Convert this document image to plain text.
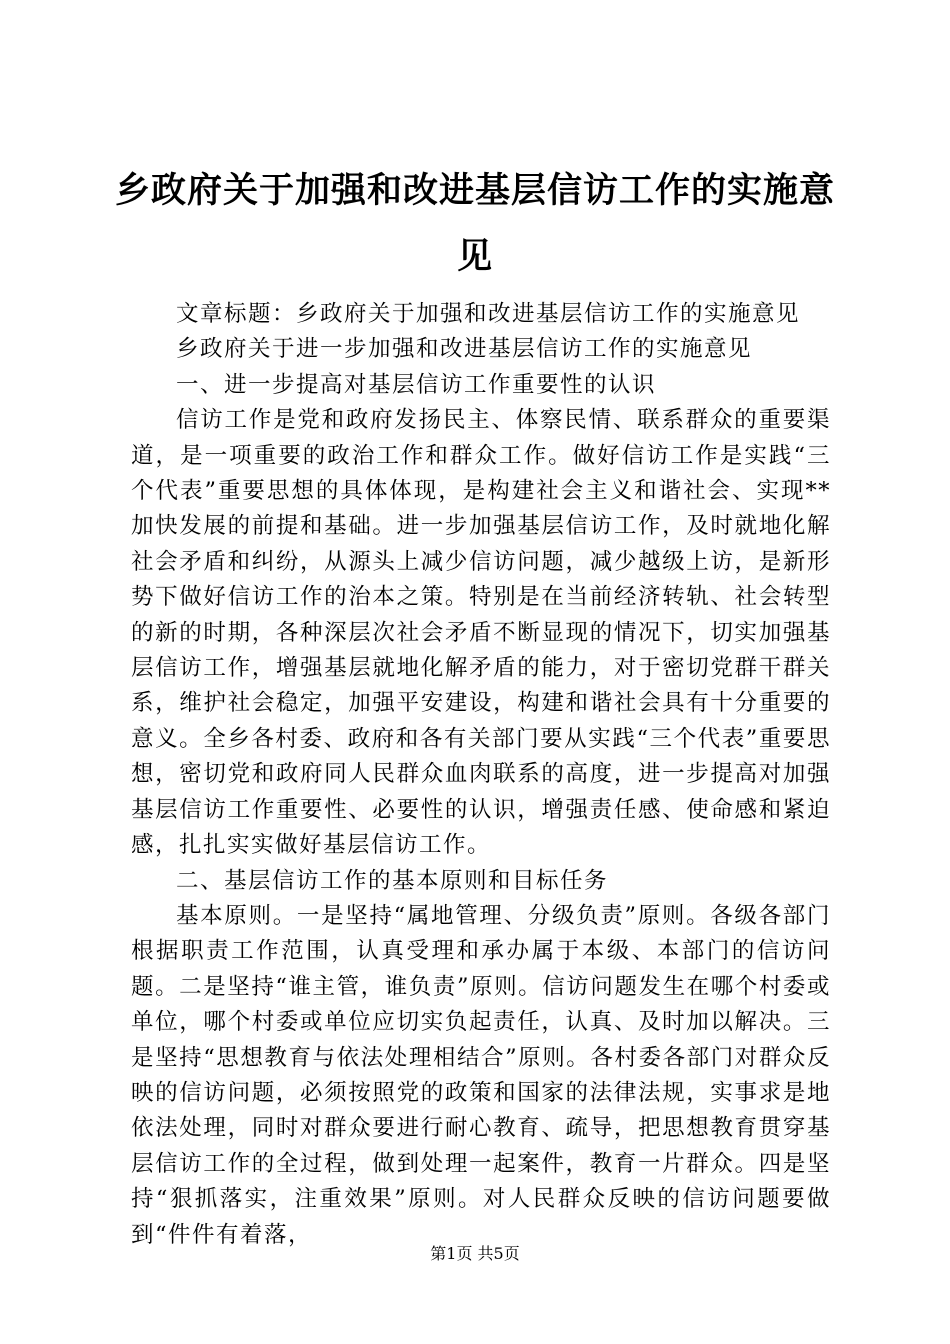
乡政府关于加强和改进基层信访工作的实施意见

文章标题：乡政府关于加强和改进基层信访工作的实施意见

乡政府关于进一步加强和改进基层信访工作的实施意见

一、进一步提高对基层信访工作重要性的认识

信访工作是党和政府发扬民主、体察民情、联系群众的重要渠道，是一项重要的政治工作和群众工作。做好信访工作是实践“三个代表”重要思想的具体体现，是构建社会主义和谐社会、实现**加快发展的前提和基础。进一步加强基层信访工作，及时就地化解社会矛盾和纠纷，从源头上减少信访问题，减少越级上访，是新形势下做好信访工作的治本之策。特别是在当前经济转轨、社会转型的新的时期，各种深层次社会矛盾不断显现的情况下，切实加强基层信访工作，增强基层就地化解矛盾的能力，对于密切党群干群关系，维护社会稳定，加强平安建设，构建和谐社会具有十分重要的意义。全乡各村委、政府和各有关部门要从实践“三个代表”重要思想，密切党和政府同人民群众血肉联系的高度，进一步提高对加强基层信访工作重要性、必要性的认识，增强责任感、使命感和紧迫感，扎扎实实做好基层信访工作。

二、基层信访工作的基本原则和目标任务

基本原则。一是坚持“属地管理、分级负责”原则。各级各部门根据职责工作范围，认真受理和承办属于本级、本部门的信访问题。二是坚持“谁主管，谁负责”原则。信访问题发生在哪个村委或单位，哪个村委或单位应切实负起责任，认真、及时加以解决。三是坚持“思想教育与依法处理相结合”原则。各村委各部门对群众反映的信访问题，必须按照党的政策和国家的法律法规，实事求是地依法处理，同时对群众要进行耐心教育、疏导，把思想教育贯穿基层信访工作的全过程，做到处理一起案件，教育一片群众。四是坚持“狠抓落实，注重效果”原则。对人民群众反映的信访问题要做到“件件有着落，

第1页 共5页
